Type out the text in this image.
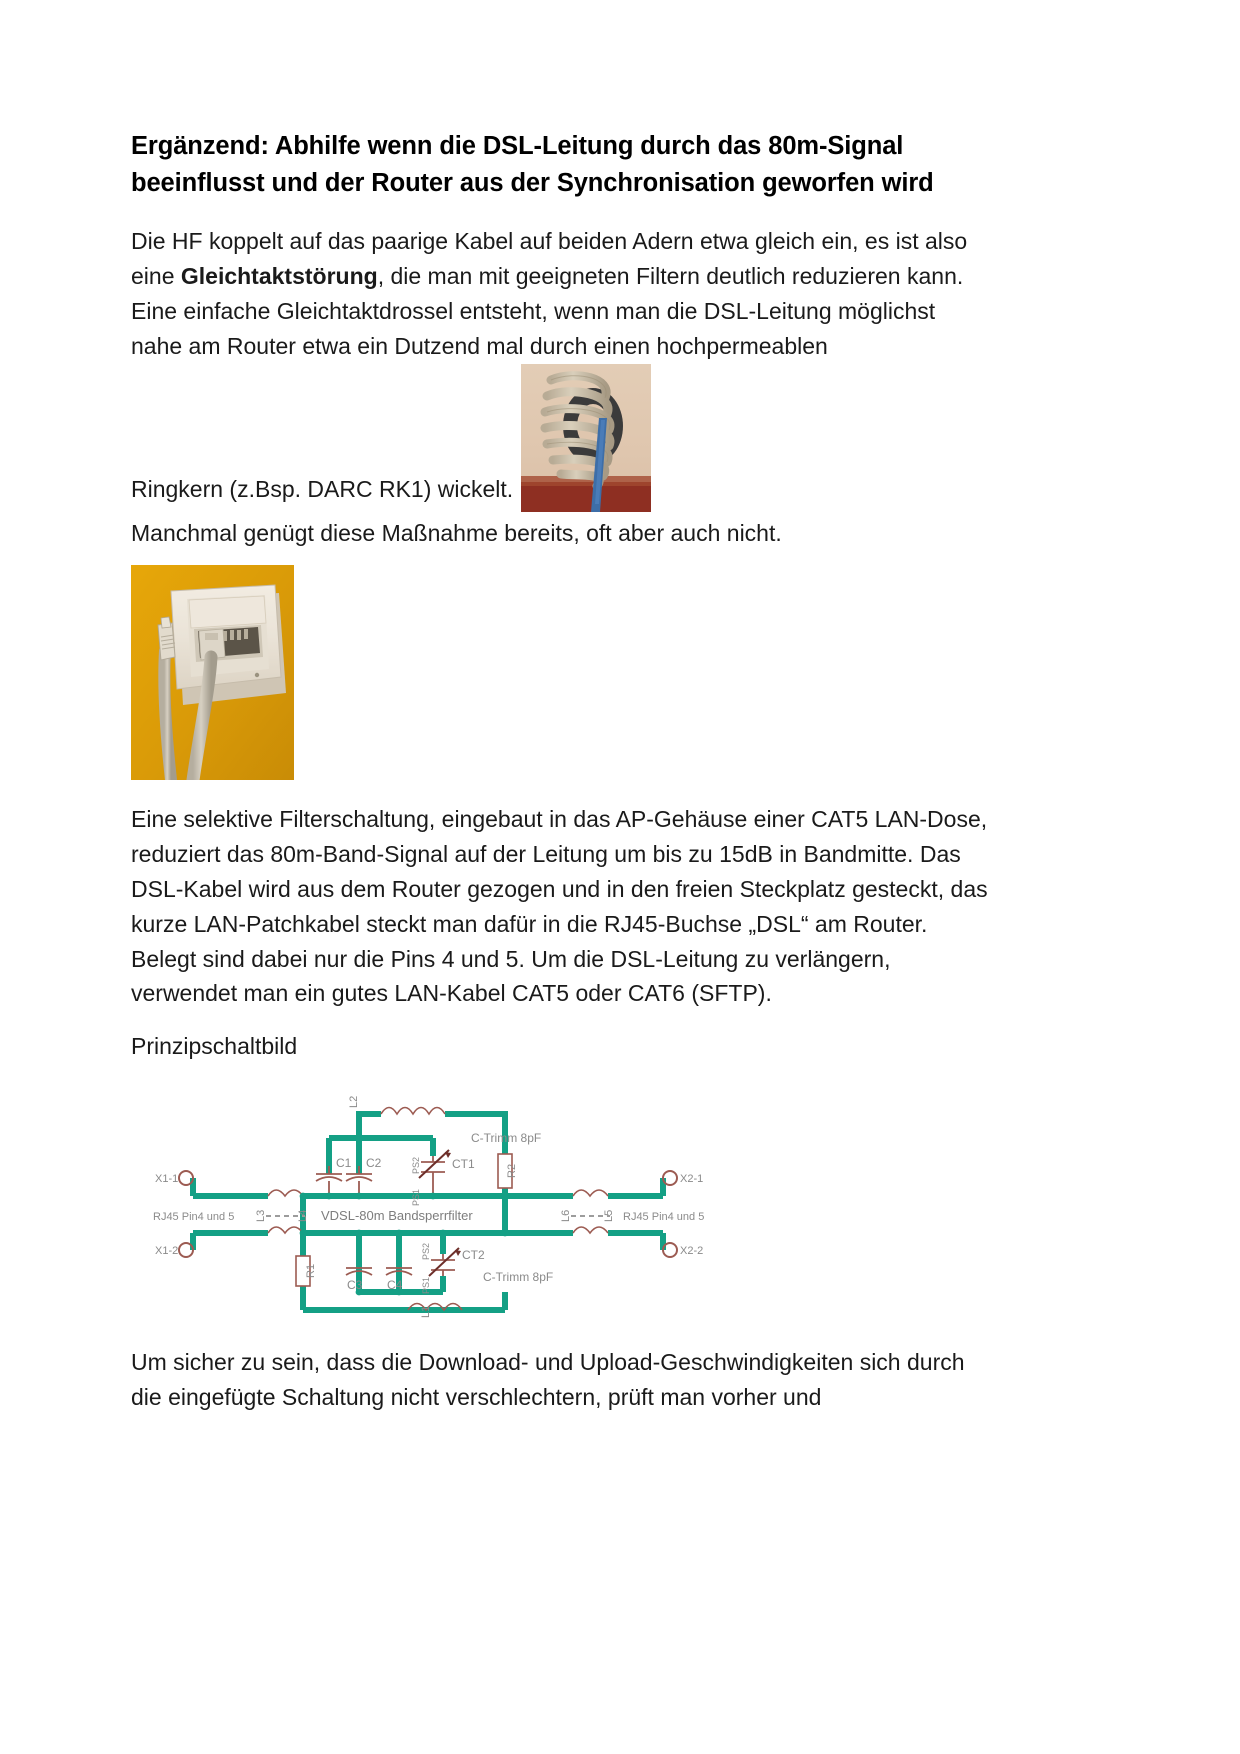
Ergänzend: Abhilfe wenn die DSL-Leitung durch das 80m-Signal beeinflusst und der Router aus der Synchronisation geworfen wird

Die HF koppelt auf das paarige Kabel auf beiden Adern etwa gleich ein, es ist also eine Gleichtaktstörung, die man mit geeigneten Filtern deutlich reduzieren kann. Eine einfache Gleichtaktdrossel entsteht, wenn man die DSL-Leitung möglichst nahe am Router etwa ein Dutzend mal durch einen hochpermeablen

Ringkern (z.Bsp. DARC RK1) wickelt.

Manchmal genügt diese Maßnahme bereits, oft aber auch nicht.

Eine selektive Filterschaltung, eingebaut in das AP-Gehäuse einer CAT5 LAN-Dose, reduziert das 80m-Band-Signal auf der Leitung um bis zu 15dB in Bandmitte. Das DSL-Kabel wird aus dem Router gezogen und in den freien Steckplatz gesteckt, das kurze LAN-Patchkabel steckt man dafür in die RJ45-Buchse „DSL“ am Router. Belegt sind dabei nur die Pins 4 und 5. Um die DSL-Leitung zu verlängern, verwendet man ein gutes LAN-Kabel CAT5 oder CAT6 (SFTP).

Prinzipschaltbild

X1-1
X1-2
X2-1
X2-2
RJ45 Pin4 und 5	RJ45 Pin4 und 5
L2
L3	L4	L6	L5
L1
C1 C2
C3 C4
CT1
CT2
R2
R1
PS2
PS1
PS2
PS1
C-Trimm 8pF
C-Trimm 8pF
VDSL-80m Bandsperrfilter

Um sicher zu sein, dass die Download- und Upload-Geschwindigkeiten sich durch die eingefügte Schaltung nicht verschlechtern, prüft man vorher und
